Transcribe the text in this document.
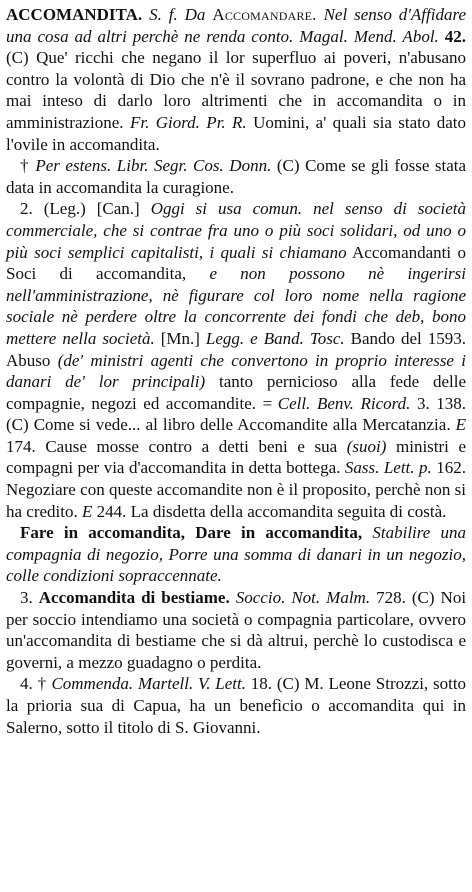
ACCOMANDITA. S. f. Da Accomandare. Nel senso d'Affidare una cosa ad altri perchè ne renda conto. Magal. Mend. Abol. 42. (C) Que' ricchi che negano il lor superfluo ai poveri, n'abusano contro la volontà di Dio che n'è il sovrano padrone, e che non ha mai inteso di darlo loro altrimenti che in accomandita o in amministrazione. Fr. Giord. Pr. R. Uomini, a' quali sia stato dato l'ovile in accomandita.

† Per estens. Libr. Segr. Cos. Donn. (C) Come se gli fosse stata data in accomandita la curagione.

2. (Leg.) [Can.] Oggi si usa comun. nel senso di società commerciale, che si contrae fra uno o più soci solidari, od uno o più soci semplici capitalisti, i quali si chiamano Accomandanti o Soci di accomandita, e non possono nè ingerirsi nell'amministrazione, nè figurare col loro nome nella ragione sociale nè perdere oltre la concorrente dei fondi che deb, bono mettere nella società. [Mn.] Legg. e Band. Tosc. Bando del 1593. Abuso (de' ministri agenti che convertono in proprio interesse i danari de' lor principali) tanto pernicioso alla fede delle compagnie, negozi ed accomandite. = Cell. Benv. Ricord. 3. 138. (C) Come si vede... al libro delle Accomandite alla Mercatanzia. E 174. Cause mosse contro a detti beni e sua (suoi) ministri e compagni per via d'accomandita in detta bottega. Sass. Lett. p. 162. Negoziare con queste accomandite non è il proposito, perchè non si ha credito. E 244. La disdetta della accomandita seguita di costà.

Fare in accomandita, Dare in accomandita, Stabilire una compagnia di negozio, Porre una somma di danari in un negozio, colle condizioni sopraccennate.

3. Accomandita di bestiame. Soccio. Not. Malm. 728. (C) Noi per soccio intendiamo una società o compagnia particolare, ovvero un'accomandita di bestiame che si dà altrui, perchè lo custodisca e governi, a mezzo guadagno o perdita.

4. † Commenda. Martell. V. Lett. 18. (C) M. Leone Strozzi, sotto la prioria sua di Capua, ha un benefìcio o accomandita qui in Salerno, sotto il titolo di S. Giovanni.
